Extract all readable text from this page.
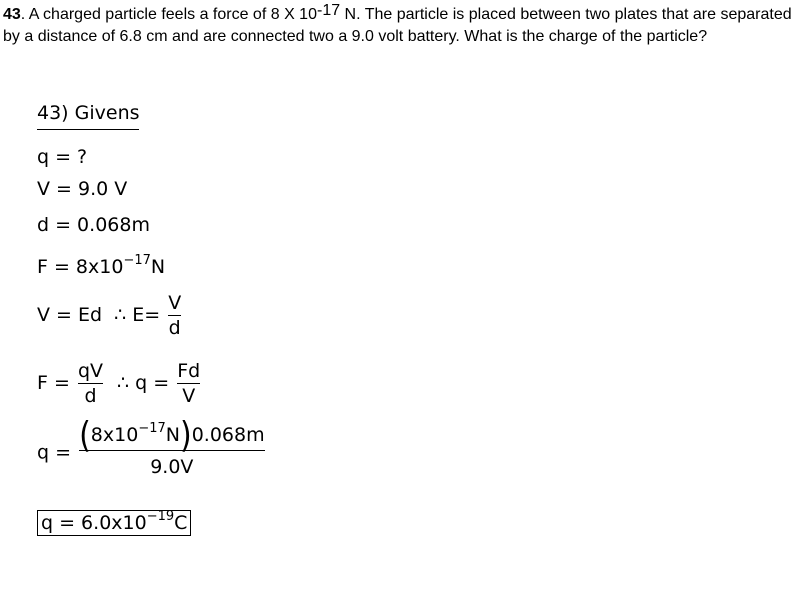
43. A charged particle feels a force of 8 X $10^{-17}$ N. The particle is placed between two plates that are separated by a distance of 6.8 cm and are connected two a 9.0 volt battery. What is the charge of the particle?
43) Givens
q = ?
V = 9.0 V
d = 0.068m
$F = 8x10^{-17}N$
V = Ed ∴ $E= \frac{V}{d}$
$F = \frac{qV}{d}$ ∴ $q = \frac{Fd}{V}$
$q = \frac{(8x10^{-17}N)0.068m}{9.0V}$
$q = 6.0x10^{-19}C$
